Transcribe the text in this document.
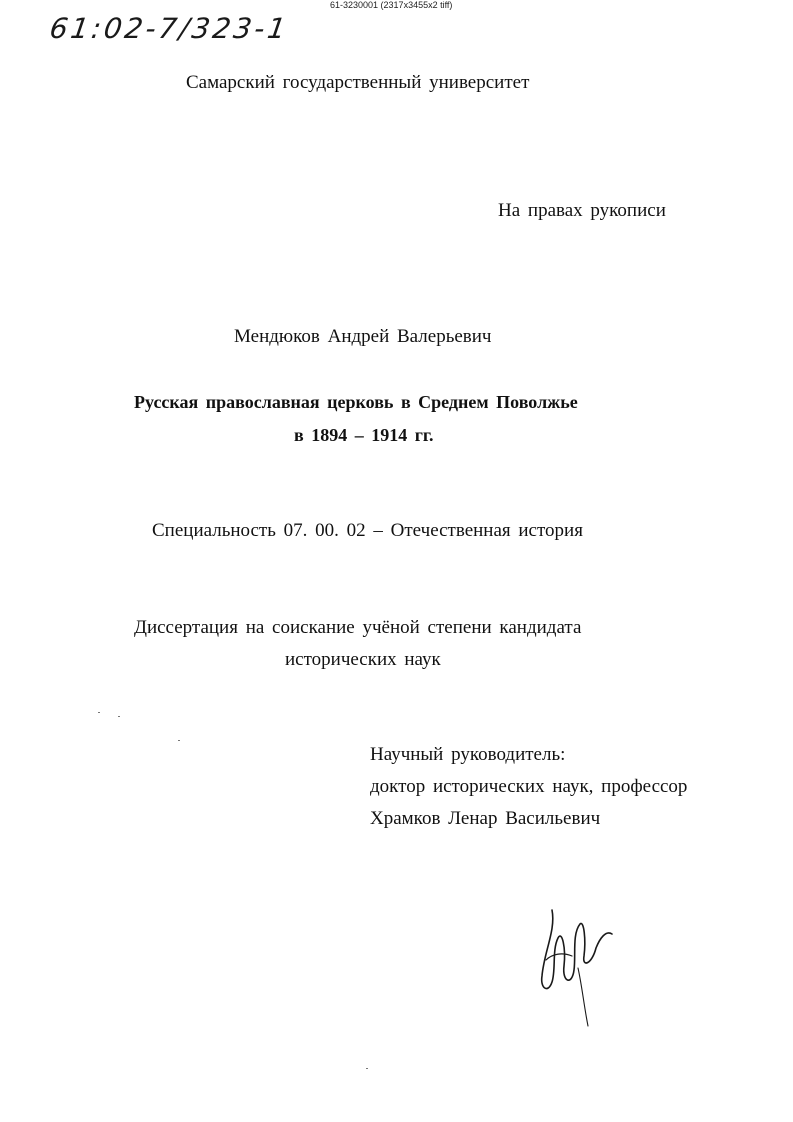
61-3230001 (2317x3455x2 tiff)
61:02-7/323-1
Самарский государственный университет
На правах рукописи
Мендюков Андрей Валерьевич
Русская православная церковь в Среднем Поволжье
в 1894 – 1914 гг.
Специальность 07. 00. 02 – Отечественная история
Диссертация на соискание учёной степени кандидата
исторических наук
Научный руководитель:
доктор исторических наук, профессор
Храмков Ленар Васильевич
